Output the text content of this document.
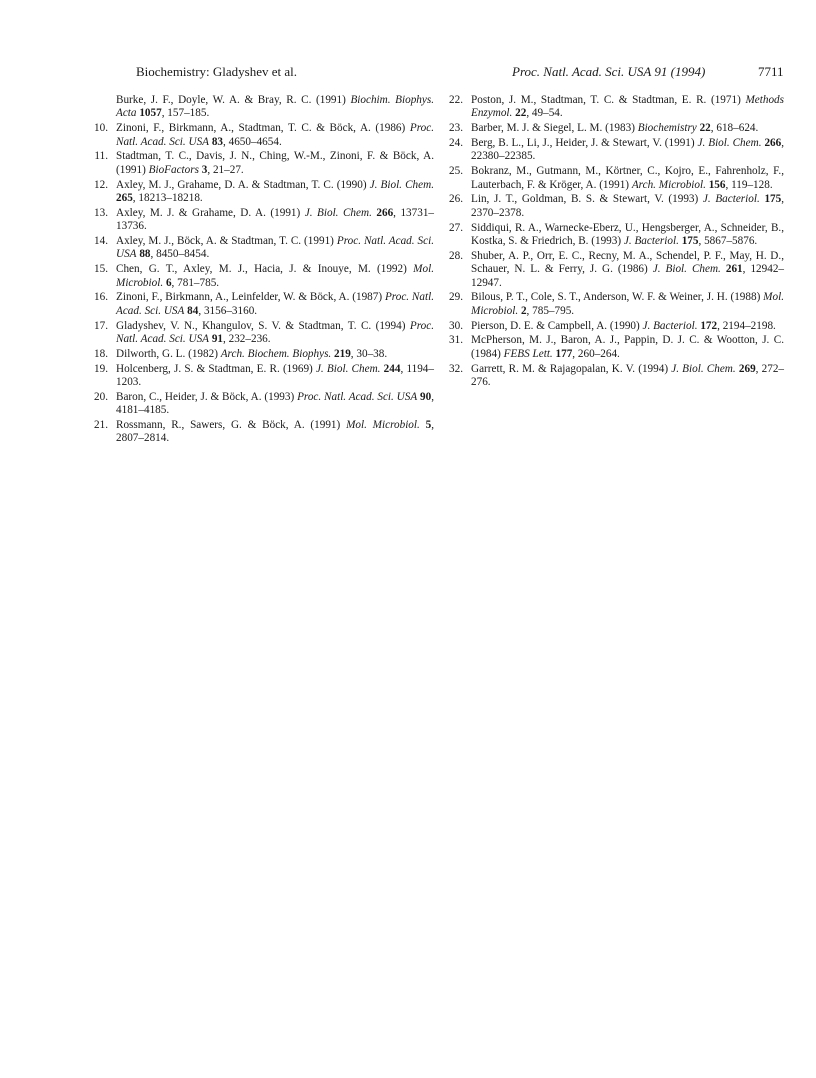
Biochemistry: Gladyshev et al.	Proc. Natl. Acad. Sci. USA 91 (1994)	7711
Burke, J. F., Doyle, W. A. & Bray, R. C. (1991) Biochim. Biophys. Acta 1057, 157–185.
10. Zinoni, F., Birkmann, A., Stadtman, T. C. & Böck, A. (1986) Proc. Natl. Acad. Sci. USA 83, 4650–4654.
11. Stadtman, T. C., Davis, J. N., Ching, W.-M., Zinoni, F. & Böck, A. (1991) BioFactors 3, 21–27.
12. Axley, M. J., Grahame, D. A. & Stadtman, T. C. (1990) J. Biol. Chem. 265, 18213–18218.
13. Axley, M. J. & Grahame, D. A. (1991) J. Biol. Chem. 266, 13731–13736.
14. Axley, M. J., Böck, A. & Stadtman, T. C. (1991) Proc. Natl. Acad. Sci. USA 88, 8450–8454.
15. Chen, G. T., Axley, M. J., Hacia, J. & Inouye, M. (1992) Mol. Microbiol. 6, 781–785.
16. Zinoni, F., Birkmann, A., Leinfelder, W. & Böck, A. (1987) Proc. Natl. Acad. Sci. USA 84, 3156–3160.
17. Gladyshev, V. N., Khangulov, S. V. & Stadtman, T. C. (1994) Proc. Natl. Acad. Sci. USA 91, 232–236.
18. Dilworth, G. L. (1982) Arch. Biochem. Biophys. 219, 30–38.
19. Holcenberg, J. S. & Stadtman, E. R. (1969) J. Biol. Chem. 244, 1194–1203.
20. Baron, C., Heider, J. & Böck, A. (1993) Proc. Natl. Acad. Sci. USA 90, 4181–4185.
21. Rossmann, R., Sawers, G. & Böck, A. (1991) Mol. Microbiol. 5, 2807–2814.
22. Poston, J. M., Stadtman, T. C. & Stadtman, E. R. (1971) Methods Enzymol. 22, 49–54.
23. Barber, M. J. & Siegel, L. M. (1983) Biochemistry 22, 618–624.
24. Berg, B. L., Li, J., Heider, J. & Stewart, V. (1991) J. Biol. Chem. 266, 22380–22385.
25. Bokranz, M., Gutmann, M., Körtner, C., Kojro, E., Fahrenholz, F., Lauterbach, F. & Kröger, A. (1991) Arch. Microbiol. 156, 119–128.
26. Lin, J. T., Goldman, B. S. & Stewart, V. (1993) J. Bacteriol. 175, 2370–2378.
27. Siddiqui, R. A., Warnecke-Eberz, U., Hengsberger, A., Schneider, B., Kostka, S. & Friedrich, B. (1993) J. Bacteriol. 175, 5867–5876.
28. Shuber, A. P., Orr, E. C., Recny, M. A., Schendel, P. F., May, H. D., Schauer, N. L. & Ferry, J. G. (1986) J. Biol. Chem. 261, 12942–12947.
29. Bilous, P. T., Cole, S. T., Anderson, W. F. & Weiner, J. H. (1988) Mol. Microbiol. 2, 785–795.
30. Pierson, D. E. & Campbell, A. (1990) J. Bacteriol. 172, 2194–2198.
31. McPherson, M. J., Baron, A. J., Pappin, D. J. C. & Wootton, J. C. (1984) FEBS Lett. 177, 260–264.
32. Garrett, R. M. & Rajagopalan, K. V. (1994) J. Biol. Chem. 269, 272–276.
